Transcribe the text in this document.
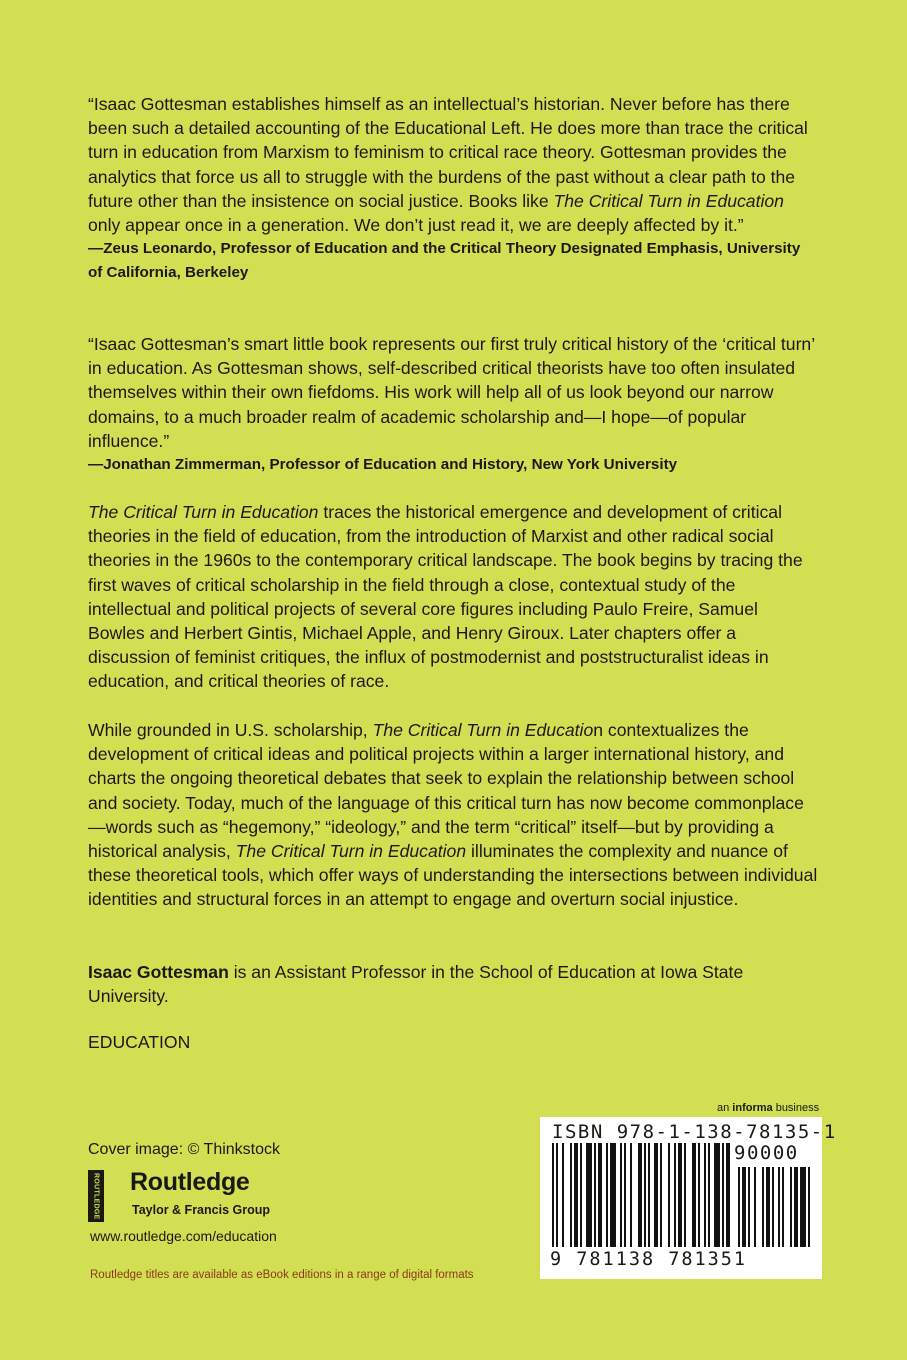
“Isaac Gottesman establishes himself as an intellectual’s historian. Never before has there been such a detailed accounting of the Educational Left. He does more than trace the critical turn in education from Marxism to feminism to critical race theory. Gottesman provides the analytics that force us all to struggle with the burdens of the past without a clear path to the future other than the insistence on social justice. Books like The Critical Turn in Education only appear once in a generation. We don’t just read it, we are deeply affected by it.”
—Zeus Leonardo, Professor of Education and the Critical Theory Designated Emphasis, University of California, Berkeley

“Isaac Gottesman’s smart little book represents our first truly critical history of the ‘critical turn’ in education. As Gottesman shows, self-described critical theorists have too often insulated themselves within their own fiefdoms. His work will help all of us look beyond our narrow domains, to a much broader realm of academic scholarship and—I hope—of popular influence.”
—Jonathan Zimmerman, Professor of Education and History, New York University

The Critical Turn in Education traces the historical emergence and development of critical theories in the field of education, from the introduction of Marxist and other radical social theories in the 1960s to the contemporary critical landscape. The book begins by tracing the first waves of critical scholarship in the field through a close, contextual study of the intellectual and political projects of several core figures including Paulo Freire, Samuel Bowles and Herbert Gintis, Michael Apple, and Henry Giroux. Later chapters offer a discussion of feminist critiques, the influx of postmodernist and poststructuralist ideas in education, and critical theories of race.

While grounded in U.S. scholarship, The Critical Turn in Education contextualizes the development of critical ideas and political projects within a larger international history, and charts the ongoing theoretical debates that seek to explain the relationship between school and society. Today, much of the language of this critical turn has now become commonplace—words such as “hegemony,” “ideology,” and the term “critical” itself—but by providing a historical analysis, The Critical Turn in Education illuminates the complexity and nuance of these theoretical tools, which offer ways of understanding the intersections between individual identities and structural forces in an attempt to engage and overturn social injustice.

Isaac Gottesman is an Assistant Professor in the School of Education at Iowa State University.

EDUCATION
Cover image: © Thinkstock
ROUTLEDGE Routledge
Taylor & Francis Group
www.routledge.com/education
Routledge titles are available as eBook editions in a range of digital formats
an informa business
ISBN 978-1-138-78135-1
90000
9 781138 781351
